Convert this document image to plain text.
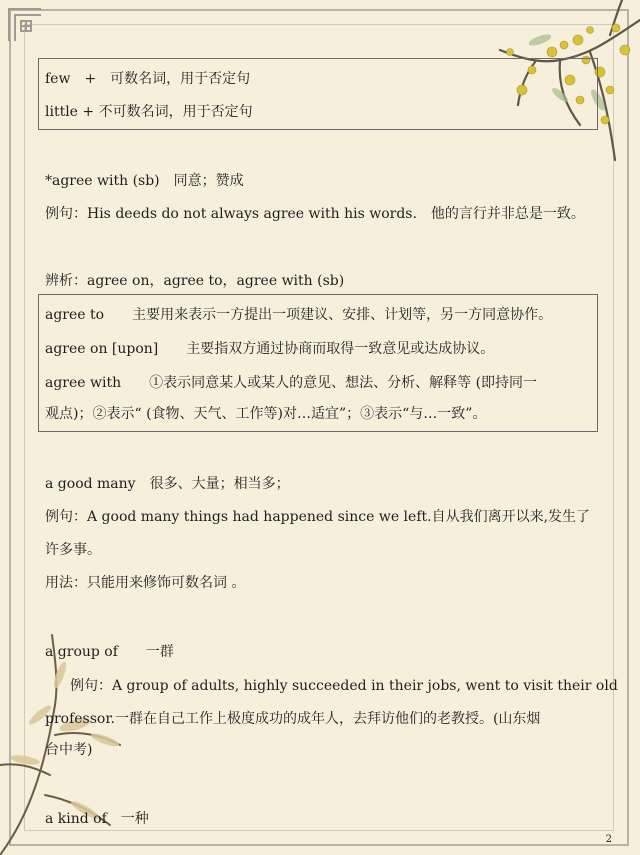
few　+　可数名词，用于否定句
little + 不可数名词，用于否定句
*agree with (sb)　同意；赞成
例句：His deeds do not always agree with his words.　他的言行并非总是一致。
辨析：agree on，agree to，agree with (sb)
agree to　　主要用来表示一方提出一项建议、安排、计划等，另一方同意协作。
agree on [upon]　　主要指双方通过协商而取得一致意见或达成协议。
agree with　　①表示同意某人或某人的意见、想法、分析、解释等 (即持同一
观点)；②表示“ (食物、天气、工作等)对…适宜”；③表示“与…一致”。
a good many　很多、大量；相当多；
例句：A good many things had happened since we left.自从我们离开以来,发生了
许多事。
用法：只能用来修饰可数名词 。
a group of　　一群
例句：A group of adults, highly succeeded in their jobs, went to visit their old
professor.一群在自己工作上极度成功的成年人，去拜访他们的老教授。(山东烟
台中考)
a kind of　一种
2
